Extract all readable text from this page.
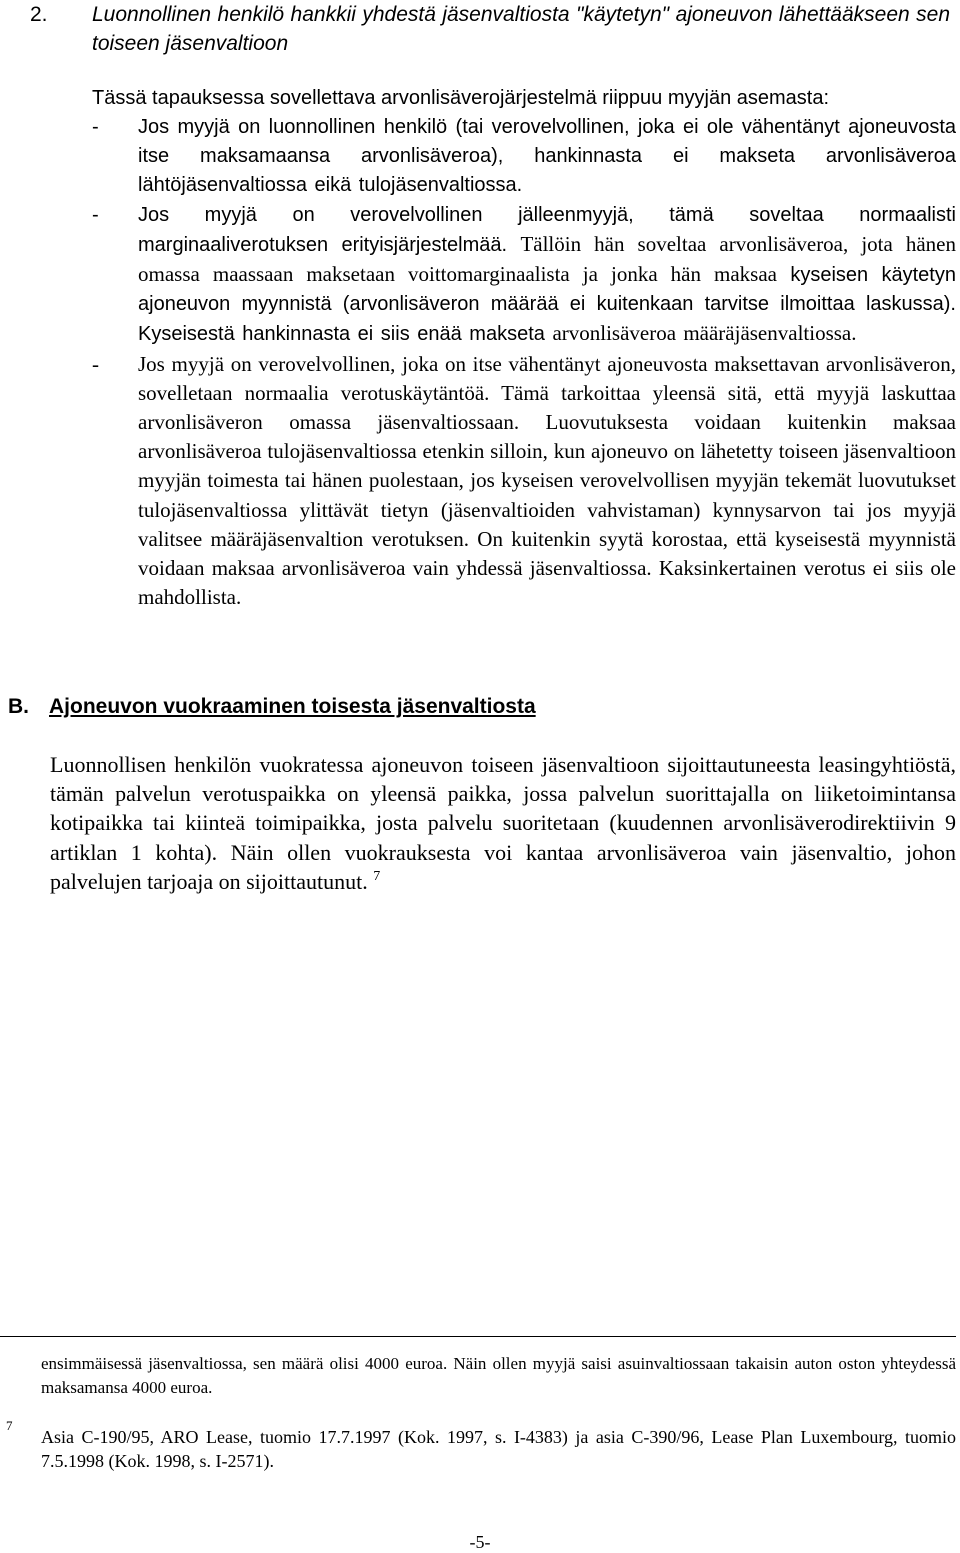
2. Luonnollinen henkilö hankkii yhdestä jäsenvaltiosta "käytetyn" ajoneuvon lähettääkseen sen toiseen jäsenvaltioon
Tässä tapauksessa sovellettava arvonlisäverojärjestelmä riippuu myyjän asemasta:
- Jos myyjä on luonnollinen henkilö (tai verovelvollinen, joka ei ole vähentänyt ajoneuvosta itse maksamaansa arvonlisäveroa), hankinnasta ei makseta arvonlisäveroa lähtöjäsenvaltiossa eikä tulojäsenvaltiossa.
- Jos myyjä on verovelvollinen jälleenmyyjä, tämä soveltaa normaalisti marginaaliverotuksen erityisjärjestelmää. Tällöin hän soveltaa arvonlisäveroa, jota hänen omassa maassaan maksetaan voittomarginaalista ja jonka hän maksaa kyseisen käytetyn ajoneuvon myynnistä (arvonlisäveron määrää ei kuitenkaan tarvitse ilmoittaa laskussa). Kyseisestä hankinnasta ei siis enää makseta arvonlisäveroa määräjäsenvaltiossa.
- Jos myyjä on verovelvollinen, joka on itse vähentänyt ajoneuvosta maksettavan arvonlisäveron, sovelletaan normaalia verotuskäytäntöä. Tämä tarkoittaa yleensä sitä, että myyjä laskuttaa arvonlisäveron omassa jäsenvaltiossaan. Luovutuksesta voidaan kuitenkin maksaa arvonlisäveroa tulojäsenvaltiossa etenkin silloin, kun ajoneuvo on lähetetty toiseen jäsenvaltioon myyjän toimesta tai hänen puolestaan, jos kyseisen verovelvollisen myyjän tekemät luovutukset tulojäsenvaltiossa ylittävät tietyn (jäsenvaltioiden vahvistaman) kynnysarvon tai jos myyjä valitsee määräjäsenvaltion verotuksen. On kuitenkin syytä korostaa, että kyseisestä myynnistä voidaan maksaa arvonlisäveroa vain yhdessä jäsenvaltiossa. Kaksinkertainen verotus ei siis ole mahdollista.
B. Ajoneuvon vuokraaminen toisesta jäsenvaltiosta
Luonnollisen henkilön vuokratessa ajoneuvon toiseen jäsenvaltioon sijoittautuneesta leasingyhtiöstä, tämän palvelun verotuspaikka on yleensä paikka, jossa palvelun suorittajalla on liiketoimintansa kotipaikka tai kiinteä toimipaikka, josta palvelu suoritetaan (kuudennen arvonlisäverodirektiivin 9 artiklan 1 kohta). Näin ollen vuokrauksesta voi kantaa arvonlisäveroa vain jäsenvaltio, johon palvelujen tarjoaja on sijoittautunut. $^7$
ensimmäisessä jäsenvaltiossa, sen määrä olisi 4000 euroa. Näin ollen myyjä saisi asuinvaltiossaan takaisin auton oston yhteydessä maksamansa 4000 euroa.
7
Asia C-190/95, ARO Lease, tuomio 17.7.1997 (Kok. 1997, s. I-4383) ja asia C-390/96, Lease Plan Luxembourg, tuomio 7.5.1998 (Kok. 1998, s. I-2571).
-5-
